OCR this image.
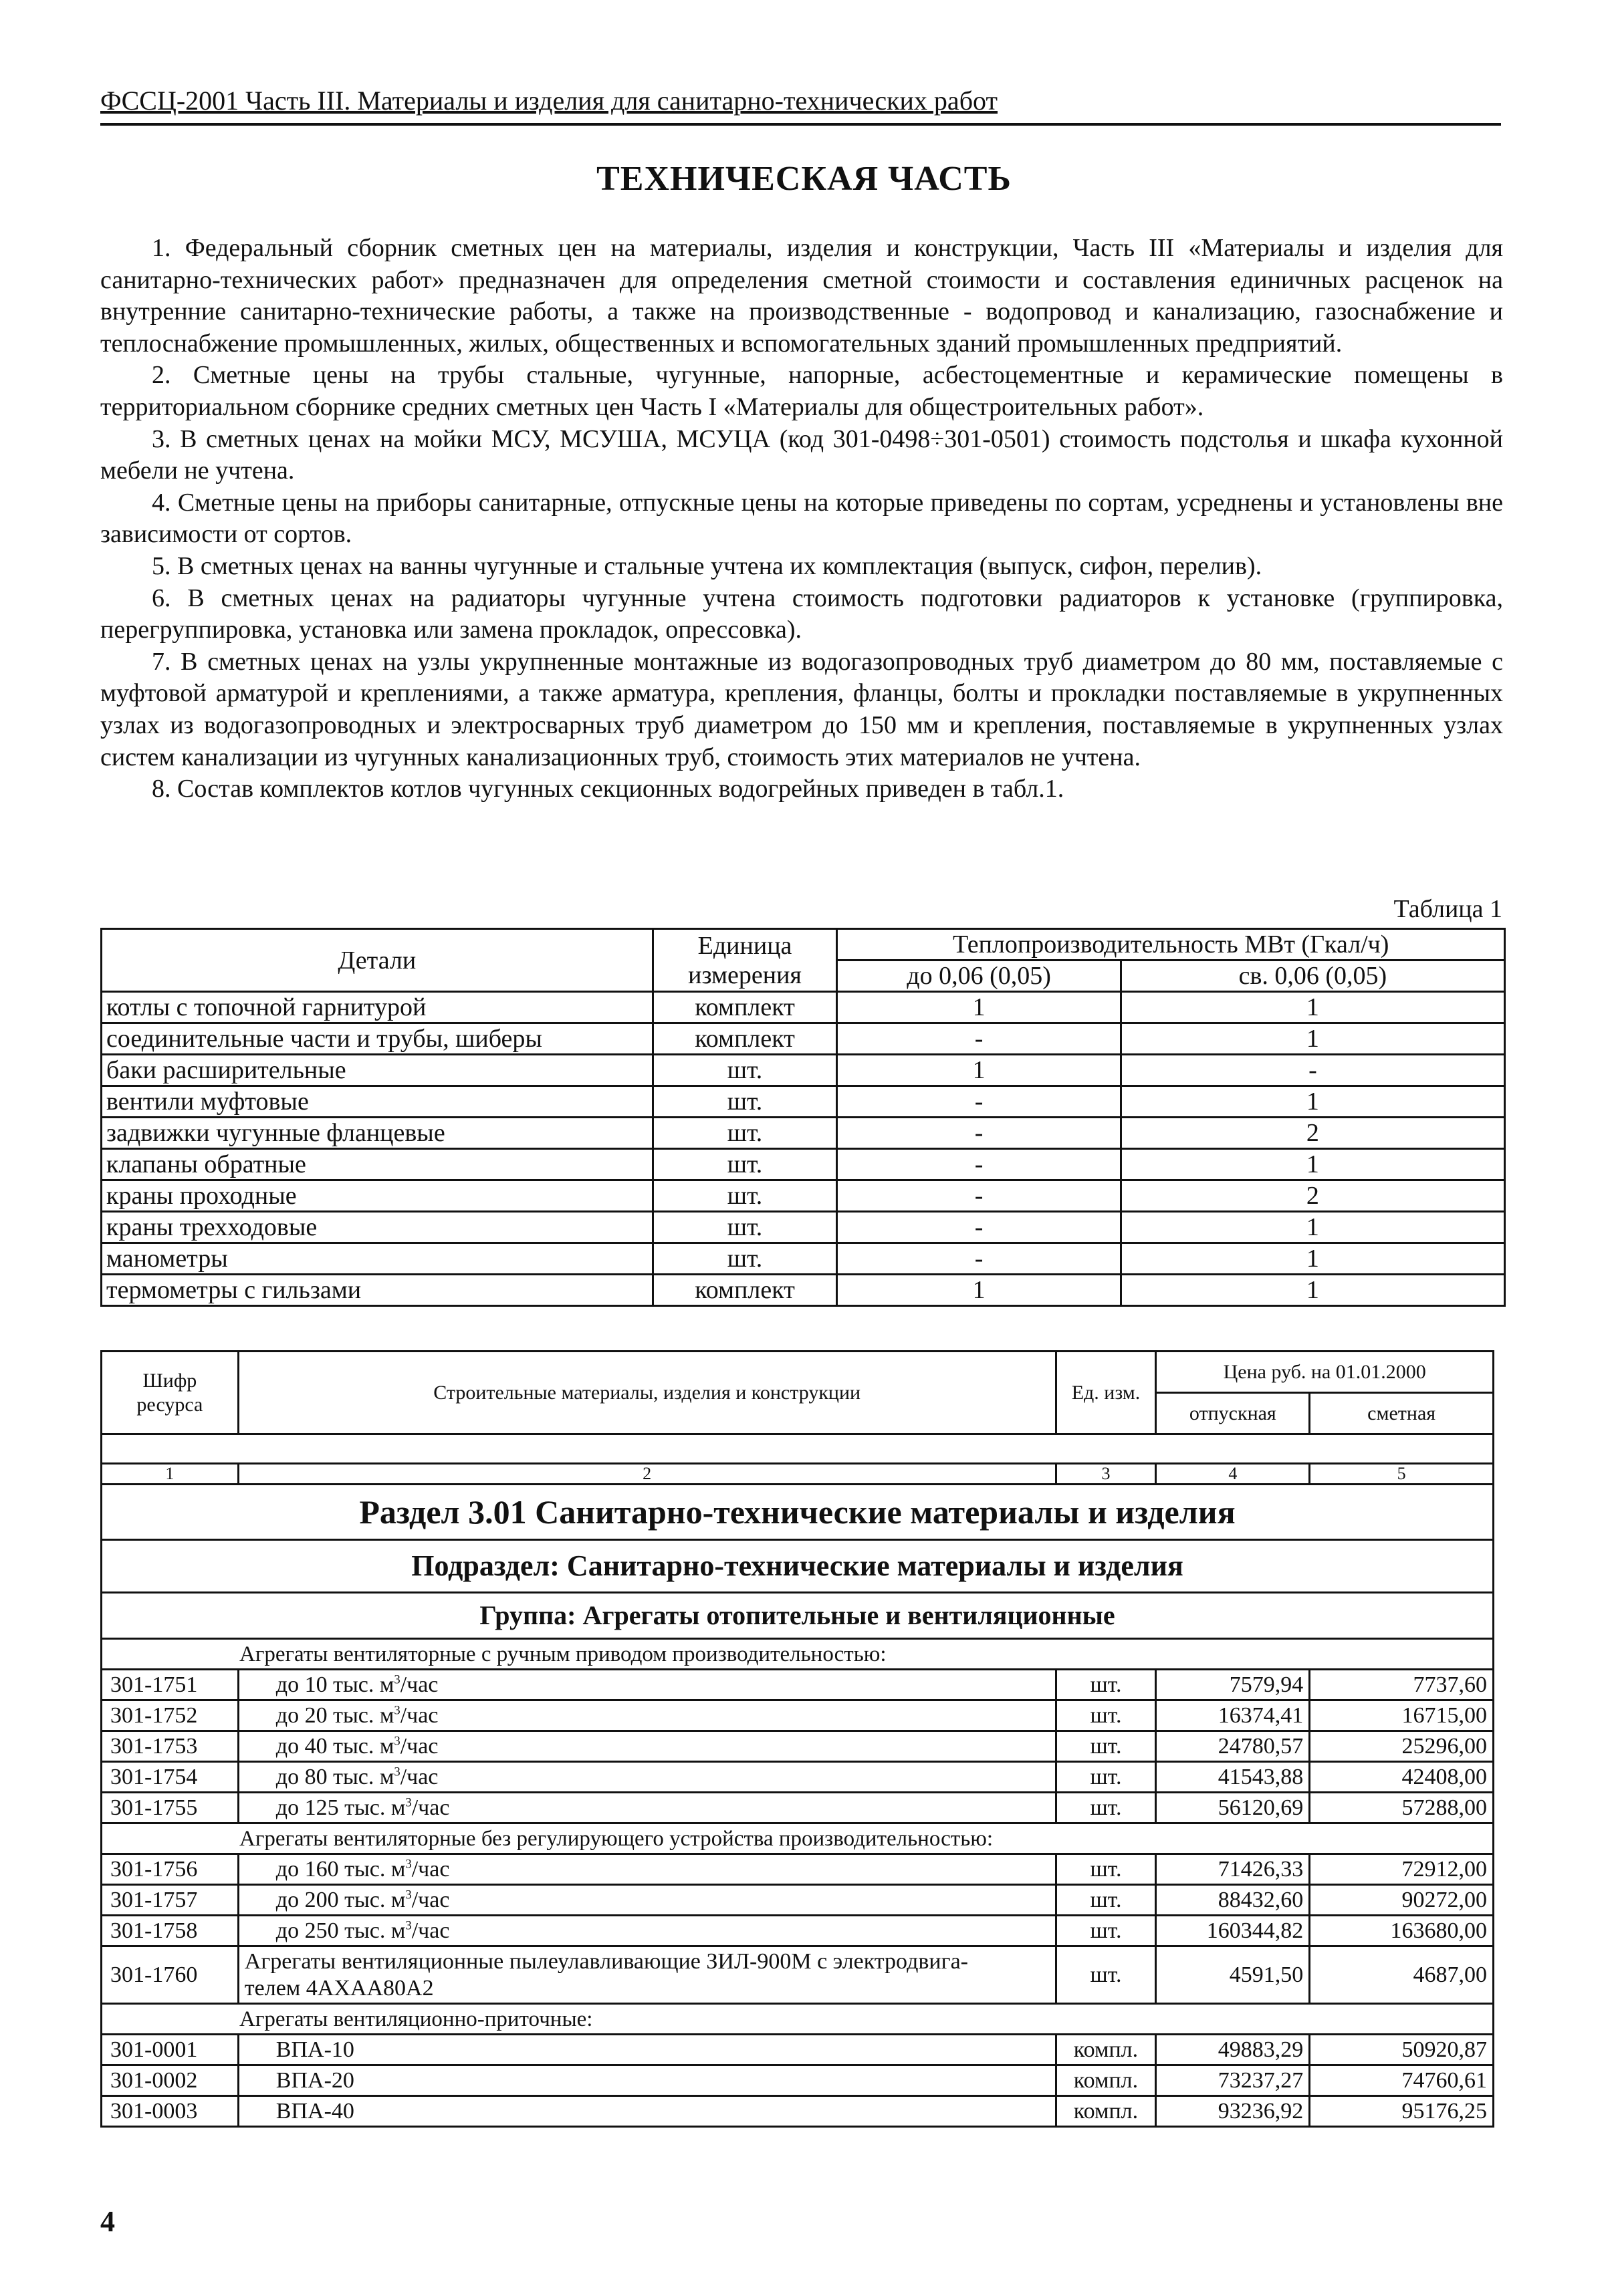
ФССЦ-2001 Часть III. Материалы и изделия для санитарно-технических работ
ТЕХНИЧЕСКАЯ ЧАСТЬ

1. Федеральный сборник сметных цен на материалы, изделия и конструкции, Часть III «Материалы и изделия для санитарно-технических работ» предназначен для определения сметной стоимости и составления единичных расценок на внутренние санитарно-технические работы, а также на производственные - водопровод и канализацию, газоснабжение и теплоснабжение промышленных, жилых, общественных и вспомогательных зданий промышленных предприятий.

2. Сметные цены на трубы стальные, чугунные, напорные, асбестоцементные и керамические помещены в территориальном сборнике средних сметных цен Часть I «Материалы для общестроительных работ».

3. В сметных ценах на мойки МСУ, МСУША, МСУЦА (код 301-0498÷301-0501) стоимость подстолья и шкафа кухонной мебели не учтена.

4. Сметные цены на приборы санитарные, отпускные цены на которые приведены по сортам, усреднены и установлены вне зависимости от сортов.

5. В сметных ценах на ванны чугунные и стальные учтена их комплектация (выпуск, сифон, перелив).

6. В сметных ценах на радиаторы чугунные учтена стоимость подготовки радиаторов к установке (группировка, перегруппировка, установка или замена прокладок, опрессовка).

7. В сметных ценах на узлы укрупненные монтажные из водогазопроводных труб диаметром до 80 мм, поставляемые с муфтовой арматурой и креплениями, а также арматура, крепления, фланцы, болты и прокладки поставляемые в укрупненных узлах из водогазопроводных и электросварных труб диаметром до 150 мм и крепления, поставляемые в укрупненных узлах систем канализации из чугунных канализационных труб, стоимость этих материалов не учтена.

8. Состав комплектов котлов чугунных секционных водогрейных приведен в табл.1.

Таблица 1
Детали	Единица измерения	Теплопроизводительность МВт (Гкал/ч)	
		до 0,06 (0,05)	св. 0,06 (0,05)
котлы с топочной гарнитурой	комплект	1	1
соединительные части и трубы, шиберы	комплект	-	1
баки расширительные	шт.	1	-
вентили муфтовые	шт.	-	1
задвижки чугунные фланцевые	шт.	-	2
клапаны обратные	шт.	-	1
краны проходные	шт.	-	2
краны трехходовые	шт.	-	1
манометры	шт.	-	1
термометры с гильзами	комплект	1	1
Шифр ресурса	Строительные материалы, изделия и конструкции	Ед. изм.	Цена руб. на 01.01.2000	
			отпускная	сметная

1	2	3	4	5
Раздел 3.01 Санитарно-технические материалы и изделия				
Подраздел: Санитарно-технические материалы и изделия				
Группа: Агрегаты отопительные и вентиляционные				
Агрегаты вентиляторные с ручным приводом производительностью:				
301-1751	до 10 тыс. $м^3$/час	шт.	7579,94	7737,60
301-1752	до 20 тыс. $м^3$/час	шт.	16374,41	16715,00
301-1753	до 40 тыс. $м^3$/час	шт.	24780,57	25296,00
301-1754	до 80 тыс. $м^3$/час	шт.	41543,88	42408,00
301-1755	до 125 тыс. $м^3$/час	шт.	56120,69	57288,00
Агрегаты вентиляторные без регулирующего устройства производительностью:				
301-1756	до 160 тыс. $м^3$/час	шт.	71426,33	72912,00
301-1757	до 200 тыс. $м^3$/час	шт.	88432,60	90272,00
301-1758	до 250 тыс. $м^3$/час	шт.	160344,82	163680,00
301-1760	Агрегаты вентиляционные пылеулавливающие ЗИЛ-900М с электродвига-
телем 4АХАА80А2	шт.	4591,50	4687,00
Агрегаты вентиляционно-приточные:				
301-0001	ВПА-10	компл.	49883,29	50920,87
301-0002	ВПА-20	компл.	73237,27	74760,61
301-0003	ВПА-40	компл.	93236,92	95176,25
4
